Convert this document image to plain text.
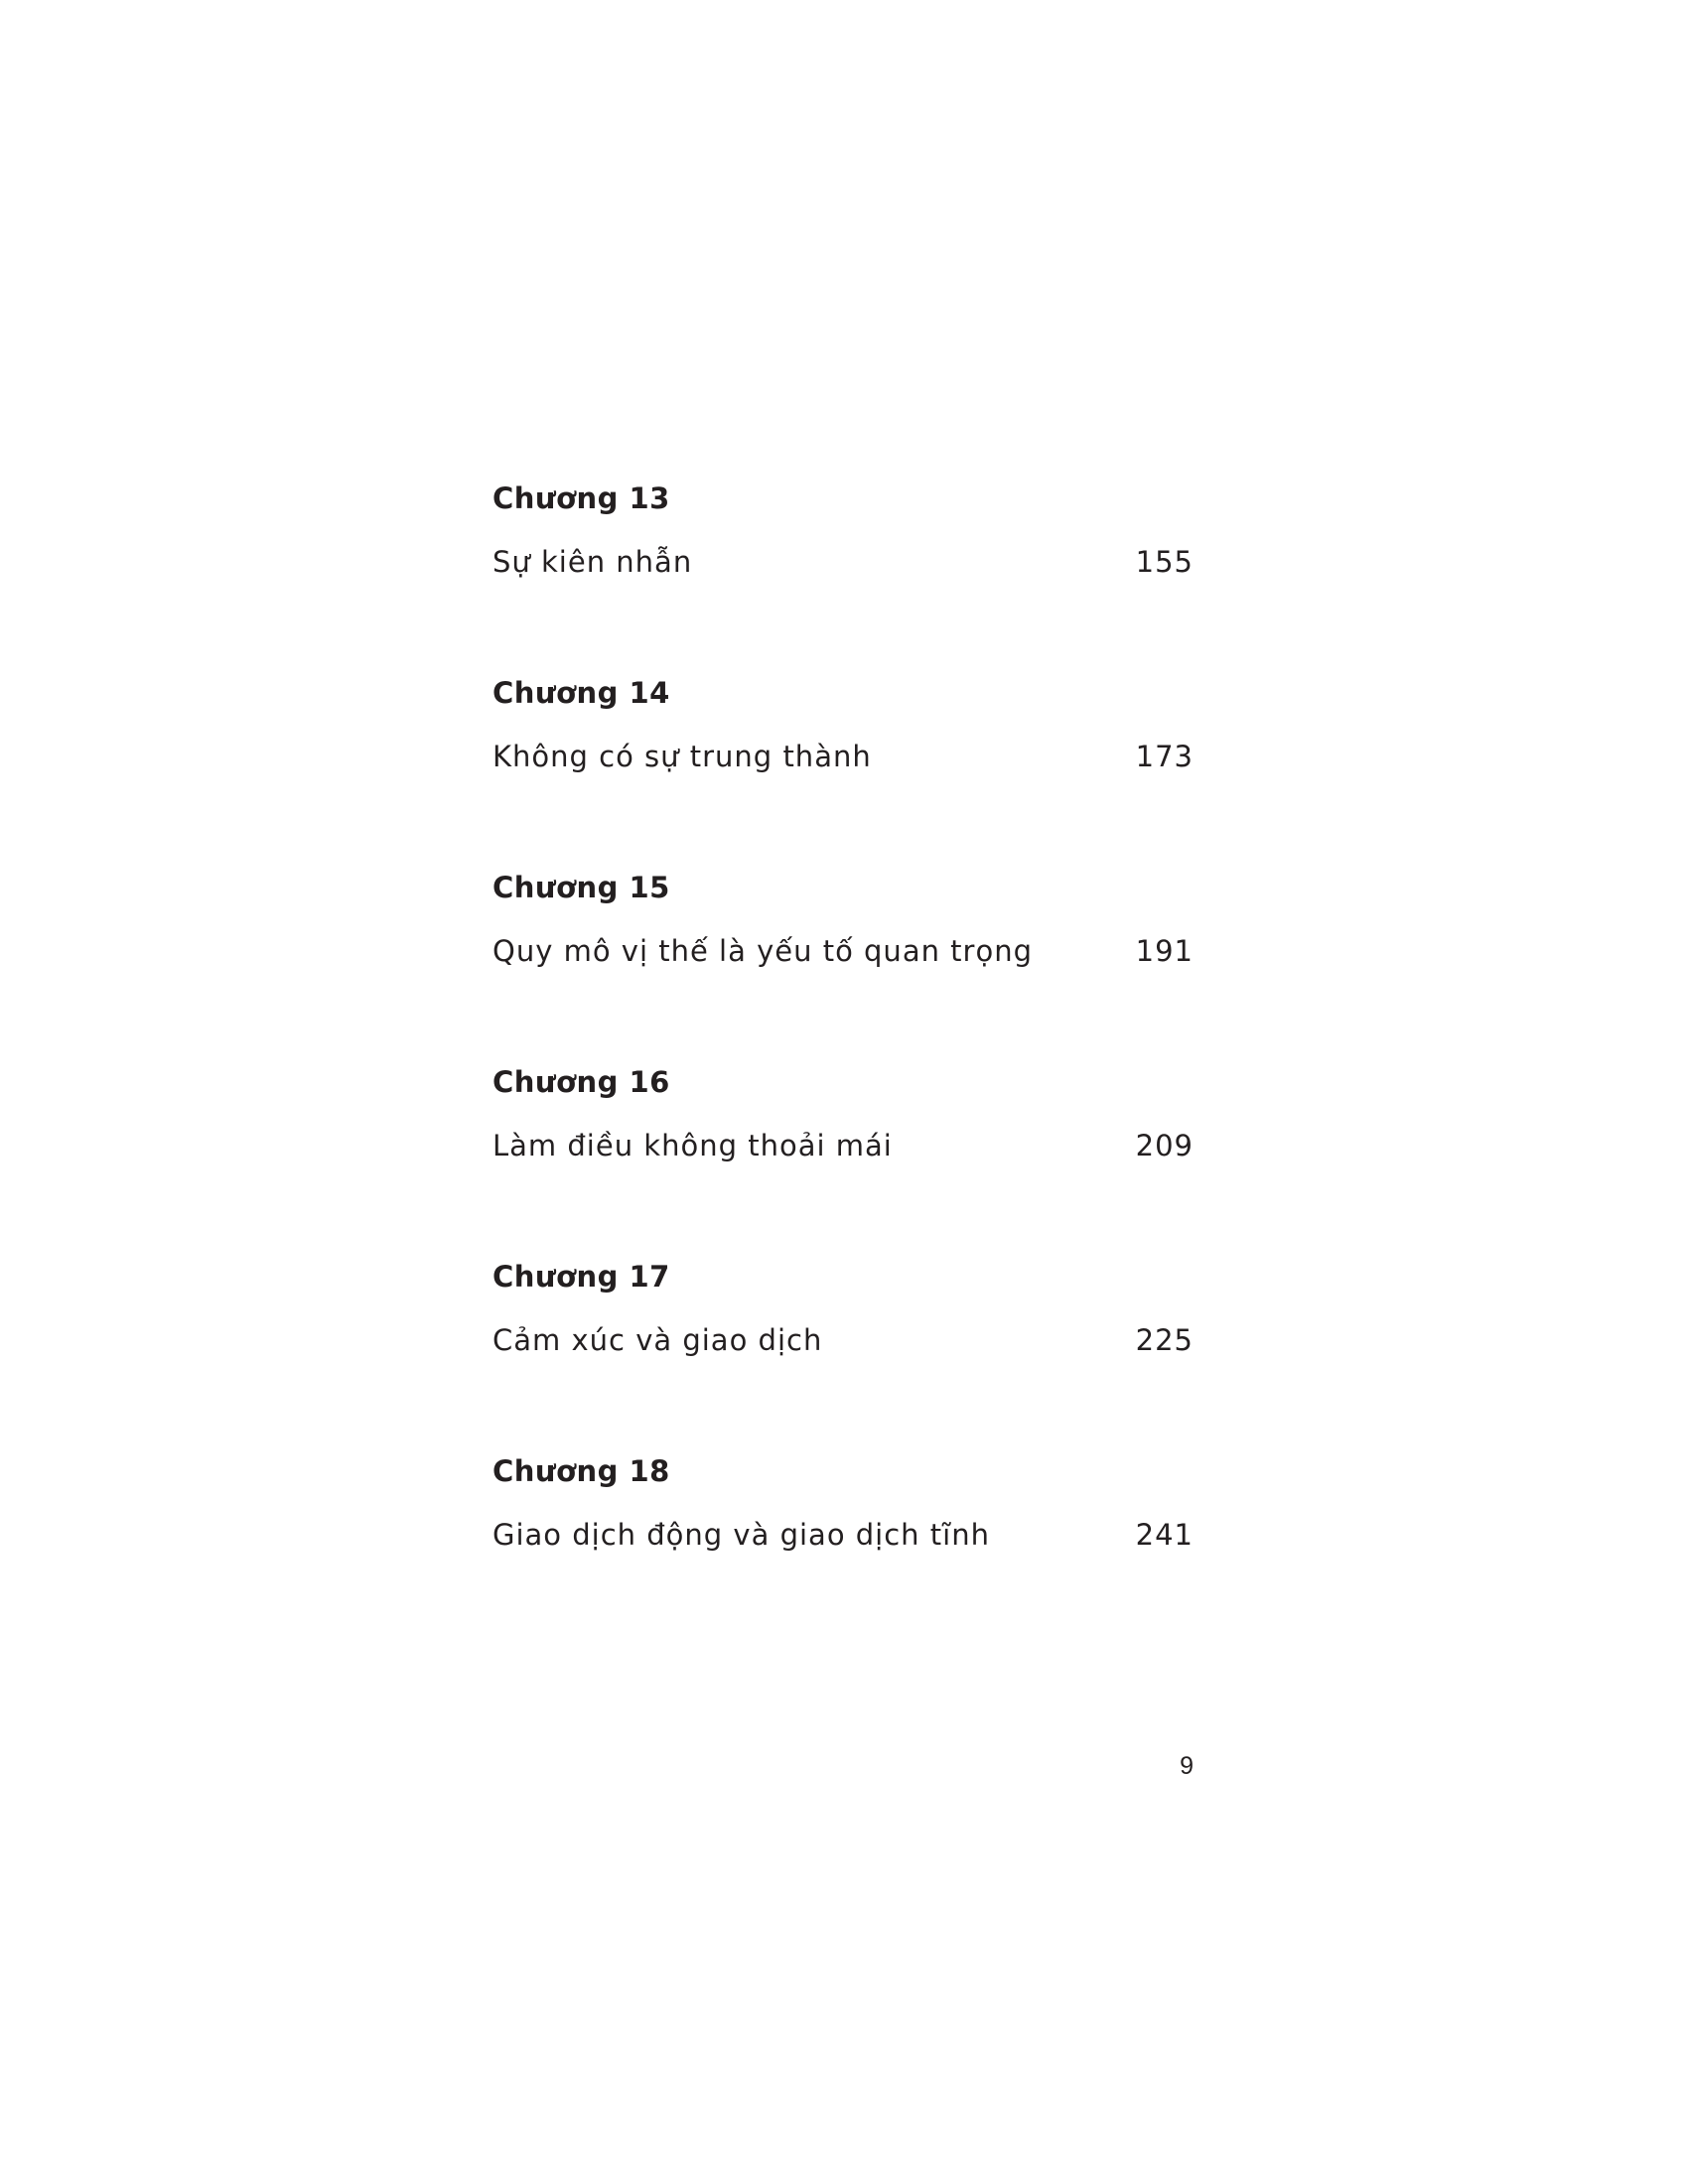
Chương 13
Sự kiên nhẫn	155
Chương 14
Không có sự trung thành	173
Chương 15
Quy mô vị thế là yếu tố quan trọng	191
Chương 16
Làm điều không thoải mái	209
Chương 17
Cảm xúc và giao dịch	225
Chương 18
Giao dịch động và giao dịch tĩnh	241
9
